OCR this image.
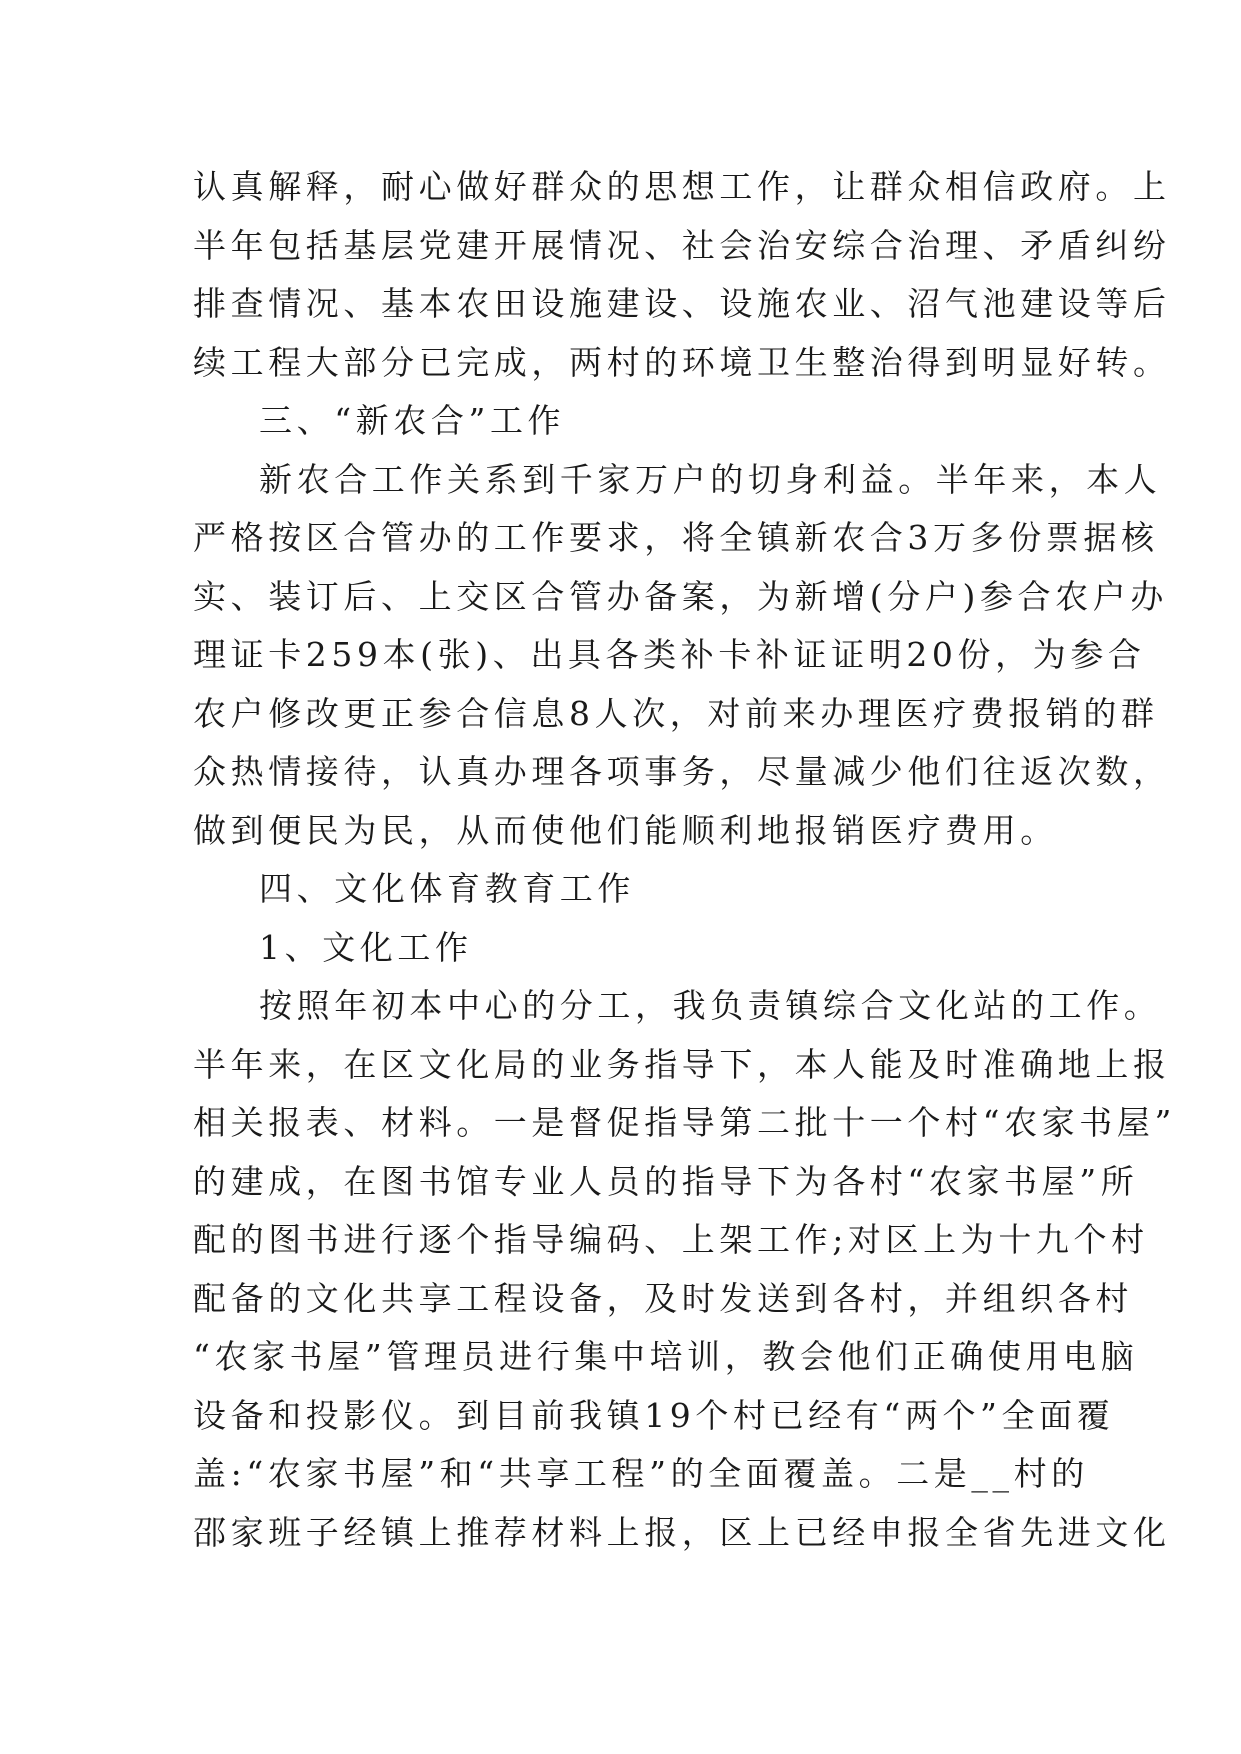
认真解释，耐心做好群众的思想工作，让群众相信政府。上
半年包括基层党建开展情况、社会治安综合治理、矛盾纠纷
排查情况、基本农田设施建设、设施农业、沼气池建设等后
续工程大部分已完成，两村的环境卫生整治得到明显好转。
三、“新农合”工作
新农合工作关系到千家万户的切身利益。半年来，本人
严格按区合管办的工作要求，将全镇新农合3万多份票据核
实、装订后、上交区合管办备案，为新增(分户)参合农户办
理证卡259本(张)、出具各类补卡补证证明20份，为参合
农户修改更正参合信息8人次，对前来办理医疗费报销的群
众热情接待，认真办理各项事务，尽量减少他们往返次数，
做到便民为民，从而使他们能顺利地报销医疗费用。
四、文化体育教育工作
1、文化工作
按照年初本中心的分工，我负责镇综合文化站的工作。
半年来，在区文化局的业务指导下，本人能及时准确地上报
相关报表、材料。一是督促指导第二批十一个村“农家书屋”
的建成，在图书馆专业人员的指导下为各村“农家书屋”所
配的图书进行逐个指导编码、上架工作;对区上为十九个村
配备的文化共享工程设备，及时发送到各村，并组织各村
“农家书屋”管理员进行集中培训，教会他们正确使用电脑
设备和投影仪。到目前我镇19个村已经有“两个”全面覆
盖:“农家书屋”和“共享工程”的全面覆盖。二是__村的
邵家班子经镇上推荐材料上报，区上已经申报全省先进文化
